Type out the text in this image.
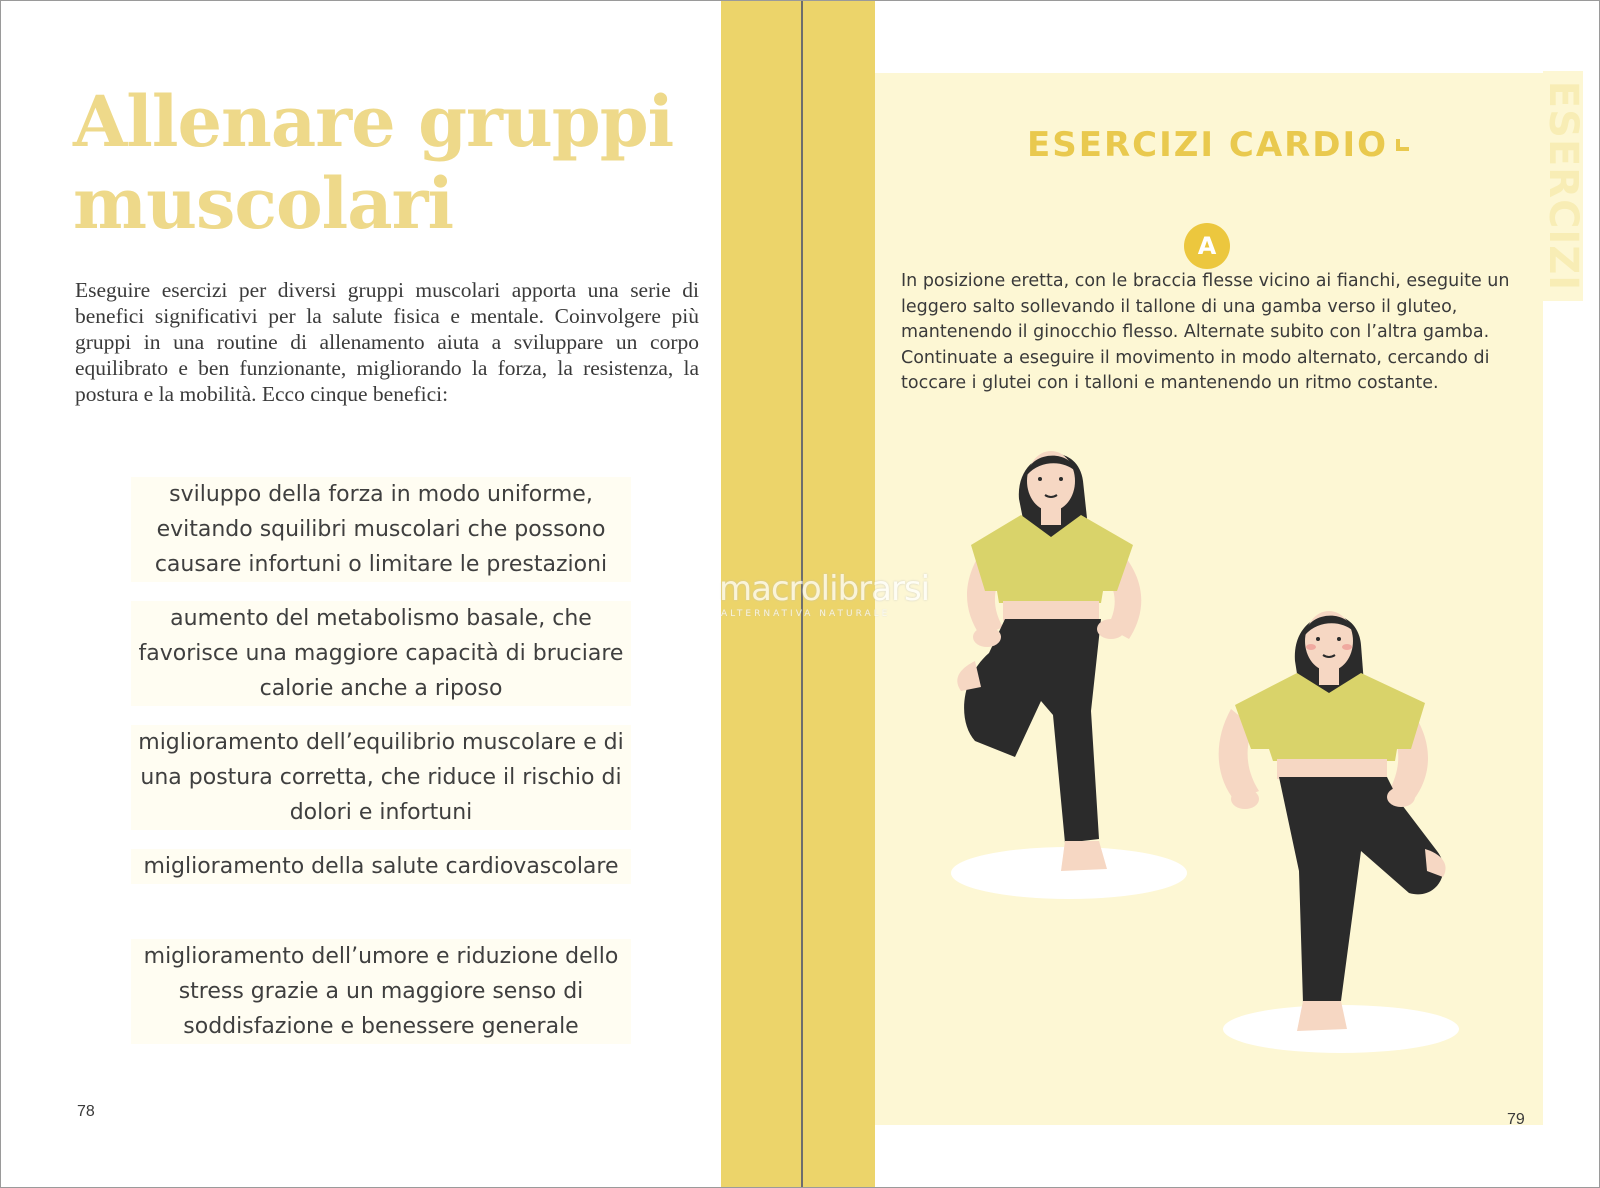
Allenare gruppi muscolari

Eseguire esercizi per diversi gruppi muscolari apporta una serie di benefici significativi per la salute fisica e mentale. Coinvolgere più gruppi in una routine di allenamento aiuta a sviluppare un corpo equilibrato e ben funzionante, migliorando la forza, la resistenza, la postura e la mobilità. Ecco cinque benefici:

sviluppo della forza in modo uniforme, evitando squilibri muscolari che possono causare infortuni o limitare le prestazioni

aumento del metabolismo basale, che favorisce una maggiore capacità di bruciare calorie anche a riposo

miglioramento dell’equilibrio muscolare e di una postura corretta, che riduce il rischio di dolori e infortuni

miglioramento della salute cardiovascolare

miglioramento dell’umore e riduzione dello stress grazie a un maggiore senso di soddisfazione e benessere generale

78
ESERCIZI
ESERCIZI CARDIO
A

In posizione eretta, con le braccia flesse vicino ai fianchi, eseguite un leggero salto sollevando il tallone di una gamba verso il gluteo, mantenendo il ginocchio flesso. Alternate subito con l’altra gamba. Continuate a eseguire il movimento in modo alternato, cercando di toccare i glutei con i talloni e mantenendo un ritmo costante.

79
macrolibrarsi
ALTERNATIVA NATURALE
